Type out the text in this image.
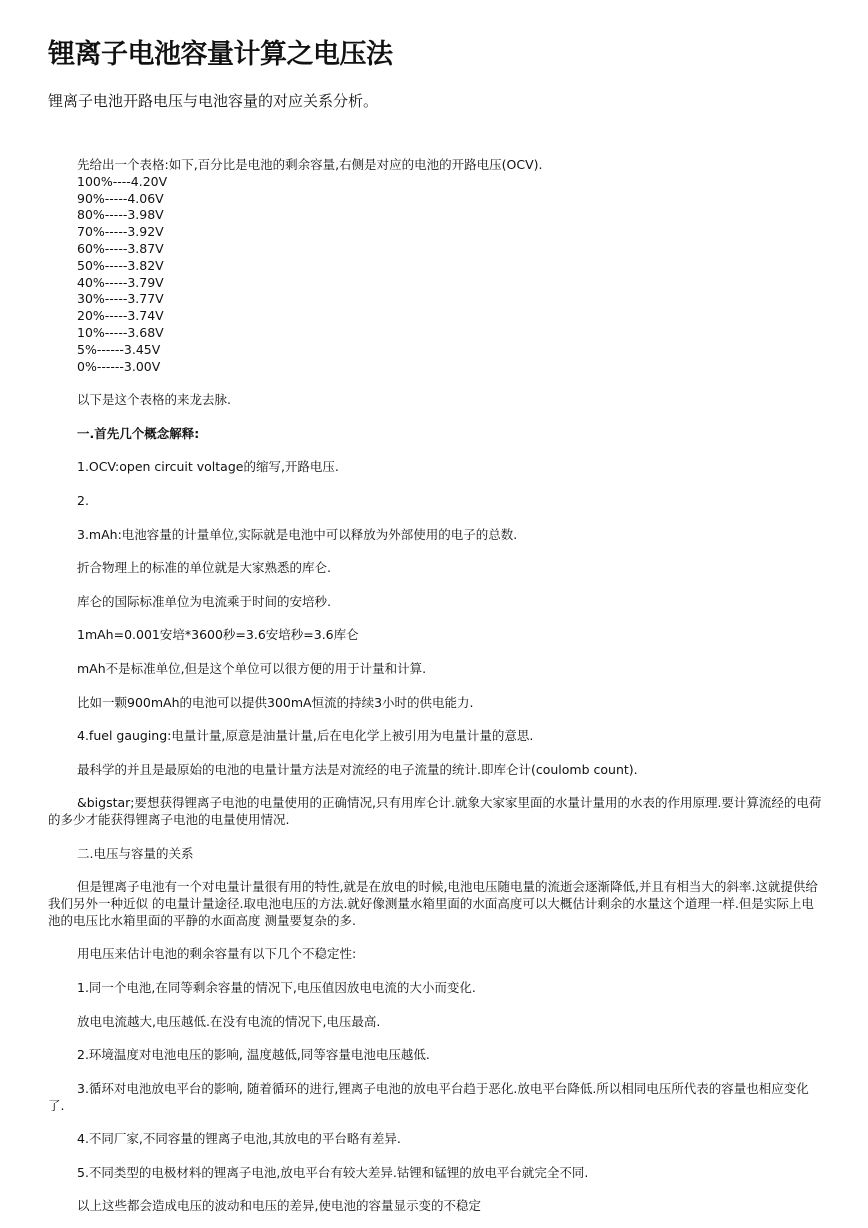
锂离子电池容量计算之电压法

锂离子电池开路电压与电池容量的对应关系分析。

先给出一个表格:如下,百分比是电池的剩余容量,右侧是对应的电池的开路电压(OCV).

100%----4.20V

90%-----4.06V

80%-----3.98V

70%-----3.92V

60%-----3.87V

50%-----3.82V

40%-----3.79V

30%-----3.77V

20%-----3.74V

10%-----3.68V

5%------3.45V

0%------3.00V

以下是这个表格的来龙去脉.

一.首先几个概念解释:

1.OCV:open circuit voltage的缩写,开路电压.

2.

3.mAh:电池容量的计量单位,实际就是电池中可以释放为外部使用的电子的总数.

折合物理上的标准的单位就是大家熟悉的库仑.

库仑的国际标准单位为电流乘于时间的安培秒.

1mAh=0.001安培*3600秒=3.6安培秒=3.6库仑

mAh不是标准单位,但是这个单位可以很方便的用于计量和计算.

比如一颗900mAh的电池可以提供300mA恒流的持续3小时的供电能力.

4.fuel gauging:电量计量,原意是油量计量,后在电化学上被引用为电量计量的意思.

最科学的并且是最原始的电池的电量计量方法是对流经的电子流量的统计.即库仑计(coulomb count).

&bigstar;要想获得锂离子电池的电量使用的正确情况,只有用库仑计.就象大家家里面的水量计量用的水表的作用原理.要计算流经的电荷的多少才能获得锂离子电池的电量使用情况.

二.电压与容量的关系

但是锂离子电池有一个对电量计量很有用的特性,就是在放电的时候,电池电压随电量的流逝会逐渐降低,并且有相当大的斜率.这就提供给我们另外一种近似 的电量计量途径.取电池电压的方法.就好像测量水箱里面的水面高度可以大概估计剩余的水量这个道理一样.但是实际上电池的电压比水箱里面的平静的水面高度 测量要复杂的多.

用电压来估计电池的剩余容量有以下几个不稳定性:

1.同一个电池,在同等剩余容量的情况下,电压值因放电电流的大小而变化.

放电电流越大,电压越低.在没有电流的情况下,电压最高.

2.环境温度对电池电压的影响, 温度越低,同等容量电池电压越低.

3.循环对电池放电平台的影响, 随着循环的进行,锂离子电池的放电平台趋于恶化.放电平台降低.所以相同电压所代表的容量也相应变化了.

4.不同厂家,不同容量的锂离子电池,其放电的平台略有差异.

5.不同类型的电极材料的锂离子电池,放电平台有较大差异.钴锂和锰锂的放电平台就完全不同.

以上这些都会造成电压的波动和电压的差异,使电池的容量显示变的不稳定
